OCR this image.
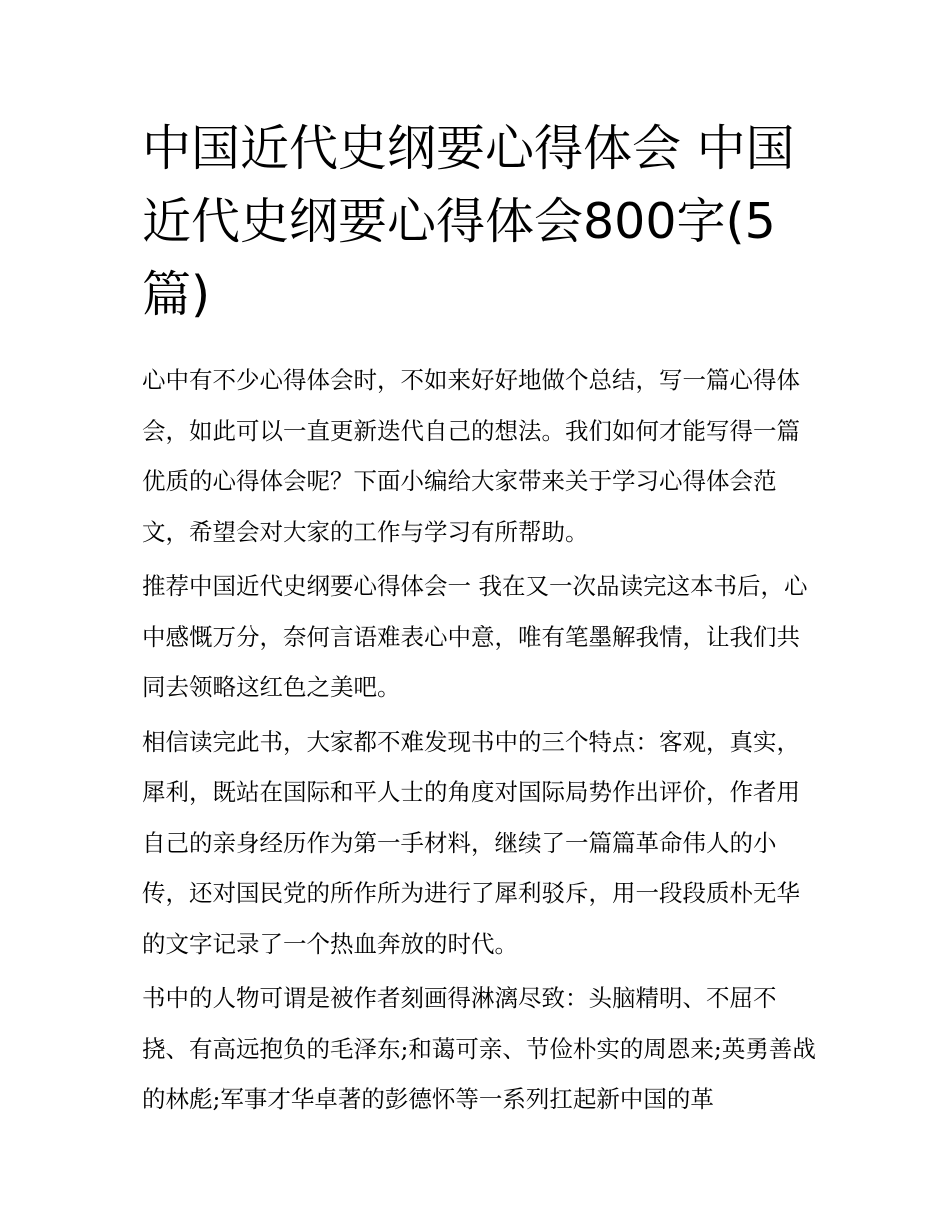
中国近代史纲要心得体会 中国近代史纲要心得体会800字(5篇)

心中有不少心得体会时，不如来好好地做个总结，写一篇心得体会，如此可以一直更新迭代自己的想法。我们如何才能写得一篇优质的心得体会呢？下面小编给大家带来关于学习心得体会范文，希望会对大家的工作与学习有所帮助。

推荐中国近代史纲要心得体会一 我在又一次品读完这本书后，心中感慨万分，奈何言语难表心中意，唯有笔墨解我情，让我们共同去领略这红色之美吧。

相信读完此书，大家都不难发现书中的三个特点：客观，真实，犀利，既站在国际和平人士的角度对国际局势作出评价，作者用自己的亲身经历作为第一手材料，继续了一篇篇革命伟人的小传，还对国民党的所作所为进行了犀利驳斥，用一段段质朴无华的文字记录了一个热血奔放的时代。

书中的人物可谓是被作者刻画得淋漓尽致：头脑精明、不屈不挠、有高远抱负的毛泽东;和蔼可亲、节俭朴实的周恩来;英勇善战的林彪;军事才华卓著的彭德怀等一系列扛起新中国的革
